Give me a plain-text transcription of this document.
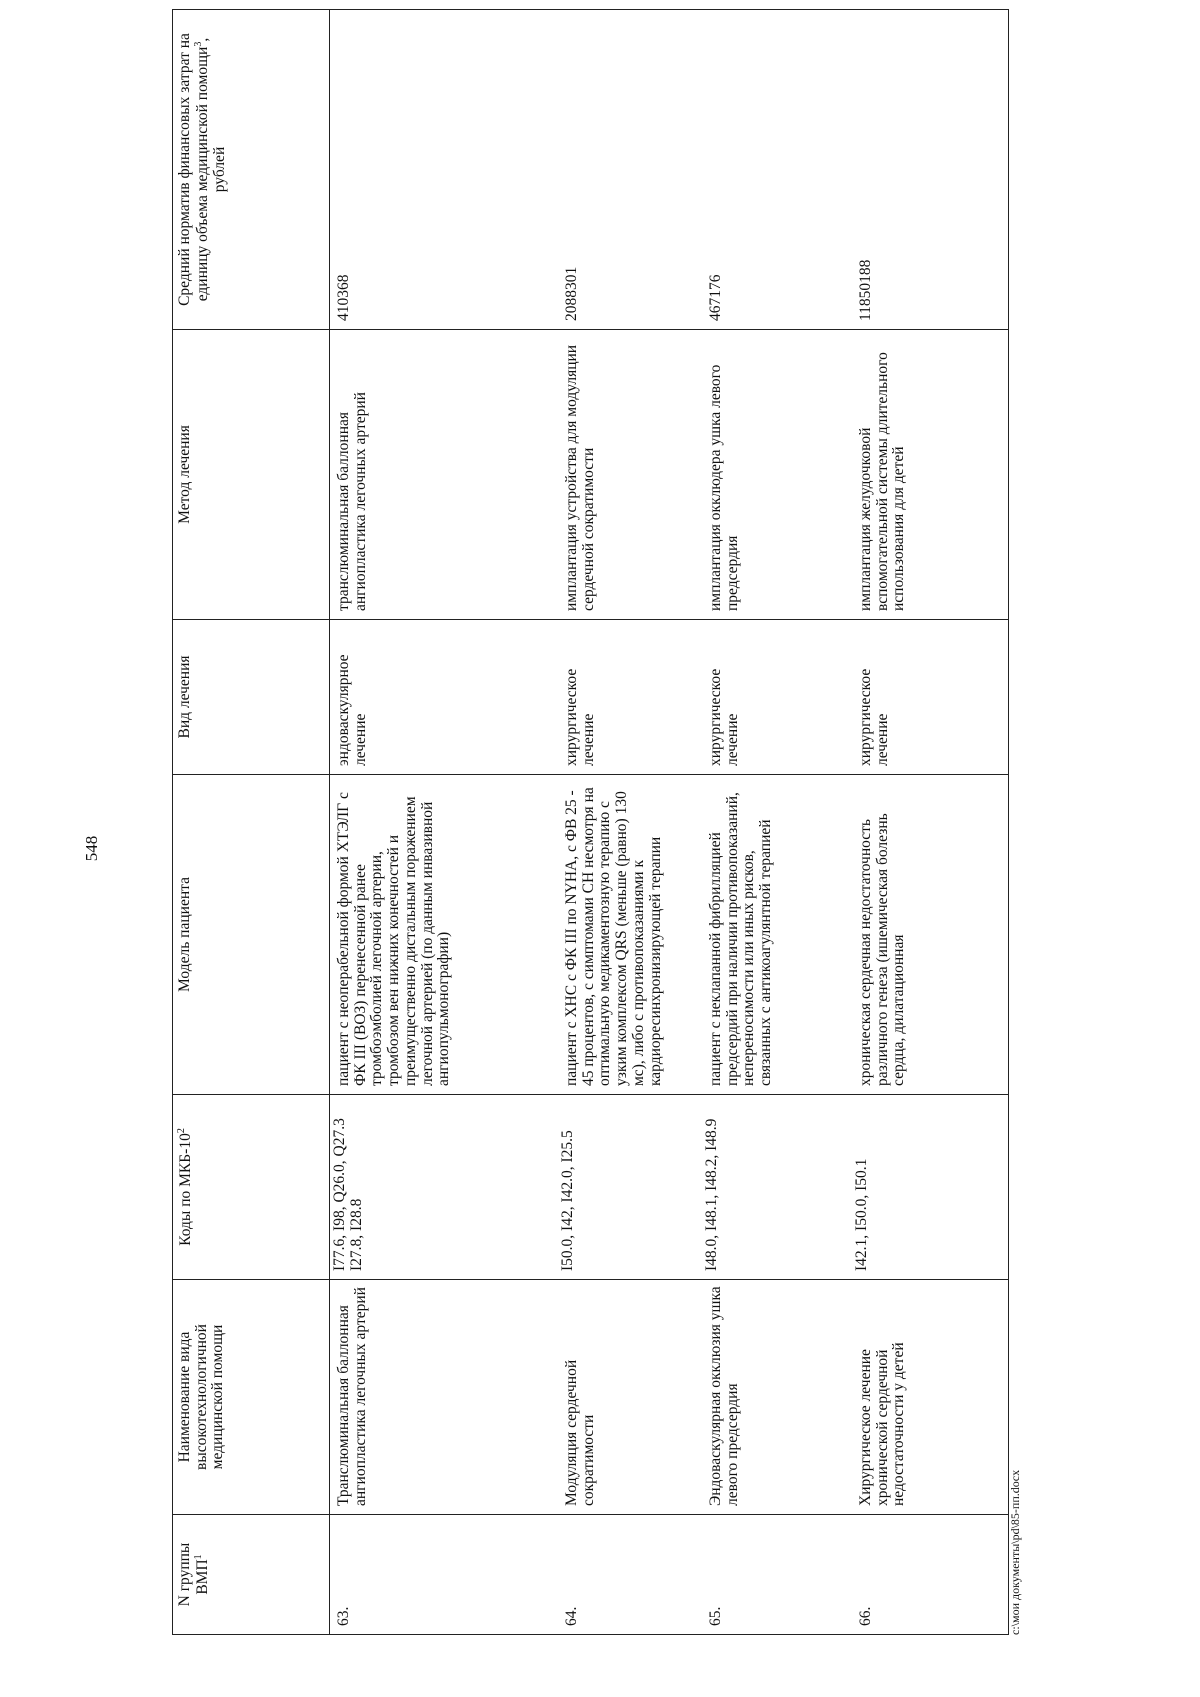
548
N группы ВМП$^1$	Наименование вида высокотехнологичной медицинской помощи	Коды по МКБ-$10^2$	Модель пациента	Вид лечения	Метод лечения	Средний норматив финансовых затрат на единицу объема медицинской помощи$^3$, рублей
63.	Транслюминальная баллонная ангиопластика легочных артерий	I77.6, I98, Q26.0, Q27.3 I27.8, I28.8	пациент с неоперабельной формой ХТЭЛГ с ФК III (ВОЗ) перенесенной ранее тромбоэмболией легочной артерии, тромбозом вен нижних конечностей и преимущественно дистальным поражением легочной артерией (по данным инвазивной ангиопульмонографии)	эндоваскулярное лечение	транслюминальная баллонная ангиопластика легочных артерий	410368
64.	Модуляция сердечной сократимости	I50.0, I42, I42.0, I25.5	пациент с ХНС с ФК III по NYHA, с ФВ 25 - 45 процентов, с симптомами СН несмотря на оптимальную медикаментозную терапию с узким комплексом QRS (меньше (равно) 130 мс), либо с противопоказаниями к кардиоресинхронизирующей терапии	хирургическое лечение	имплантация устройства для модуляции сердечной сократимости	2088301
65.	Эндоваскулярная окклюзия ушка левого предсердия	I48.0, I48.1, I48.2, I48.9	пациент с неклапанной фибрилляцией предсердий при наличии противопоказаний, непереносимости или иных рисков, связанных с антикоагулянтной терапией	хирургическое лечение	имплантация окклюдера ушка левого предсердия	467176
66.	Хирургическое лечение хронической сердечной недостаточности у детей	I42.1, I50.0, I50.1	хроническая сердечная недостаточность различного генеза (ишемическая болезнь сердца, дилатационная	хирургическое лечение	имплантация желудочковой вспомогательной системы длительного использования для детей	11850188
c:\мои документы\pd\85-пп.docx
